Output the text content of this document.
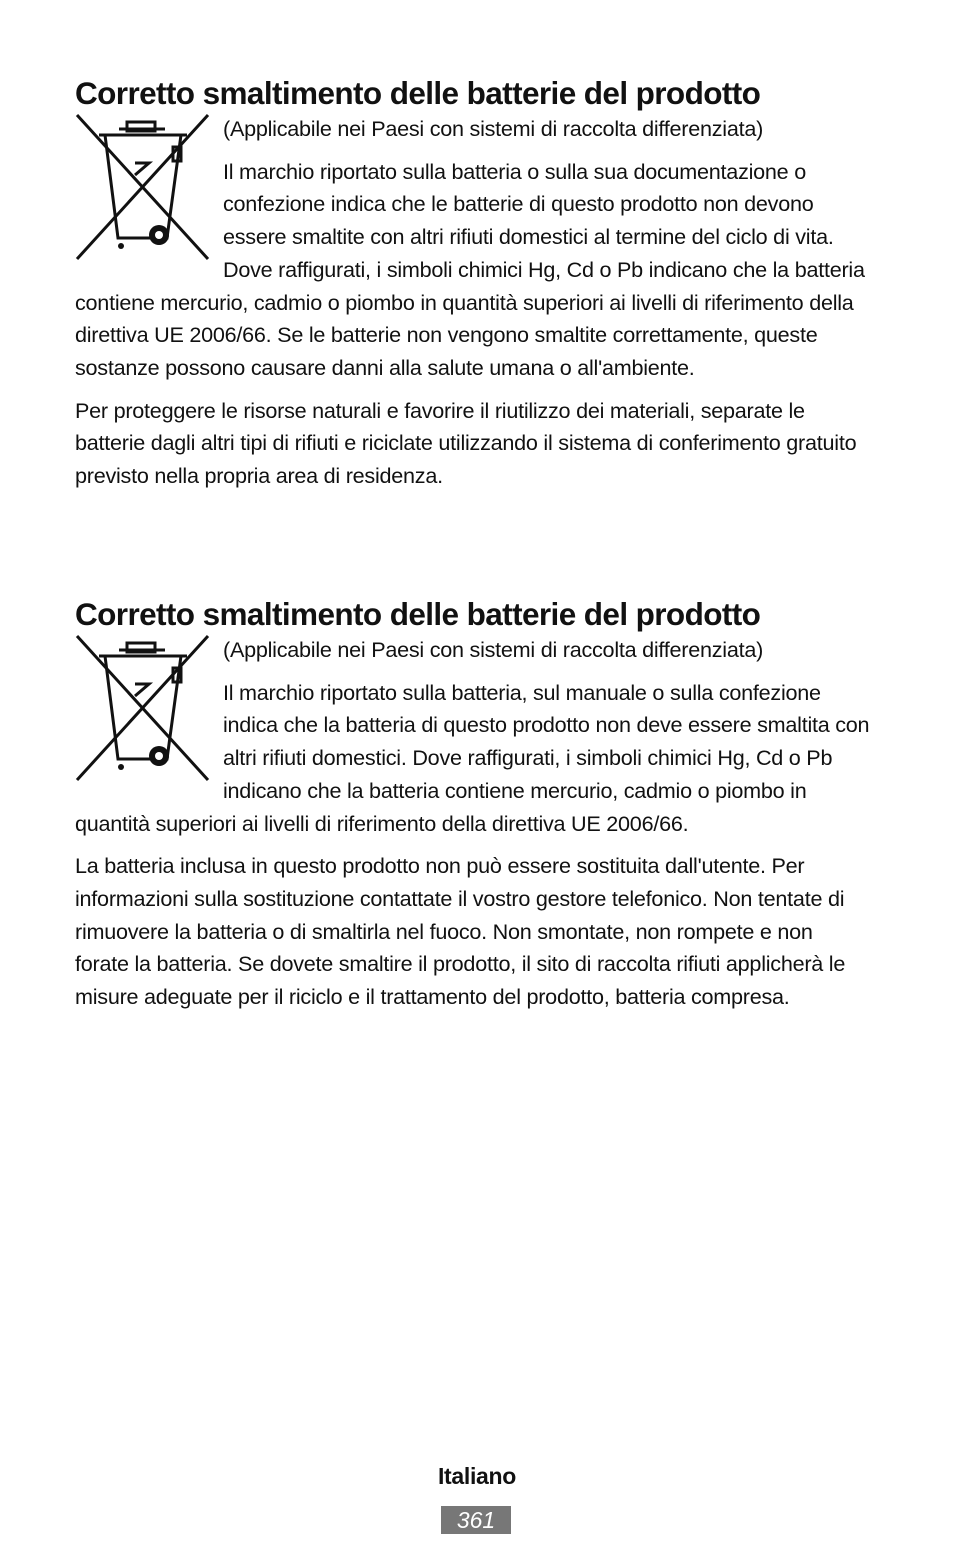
Corretto smaltimento delle batterie del prodotto

(Applicabile nei Paesi con sistemi di raccolta differenziata)

Il marchio riportato sulla batteria o sulla sua documentazione o confezione indica che le batterie di questo prodotto non devono essere smaltite con altri rifiuti domestici al termine del ciclo di vita. Dove raffigurati, i simboli chimici Hg, Cd o Pb indicano che la batteria contiene mercurio, cadmio o piombo in quantità superiori ai livelli di riferimento della direttiva UE 2006/66. Se le batterie non vengono smaltite correttamente, queste sostanze possono causare danni alla salute umana o all'ambiente.

Per proteggere le risorse naturali e favorire il riutilizzo dei materiali, separate le batterie dagli altri tipi di rifiuti e riciclate utilizzando il sistema di conferimento gratuito previsto nella propria area di residenza.

Corretto smaltimento delle batterie del prodotto

(Applicabile nei Paesi con sistemi di raccolta differenziata)

Il marchio riportato sulla batteria, sul manuale o sulla confezione indica che la batteria di questo prodotto non deve essere smaltita con altri rifiuti domestici. Dove raffigurati, i simboli chimici Hg, Cd o Pb indicano che la batteria contiene mercurio, cadmio o piombo in quantità superiori ai livelli di riferimento della direttiva UE 2006/66.

La batteria inclusa in questo prodotto non può essere sostituita dall'utente. Per informazioni sulla sostituzione contattate il vostro gestore telefonico. Non tentate di rimuovere la batteria o di smaltirla nel fuoco. Non smontate, non rompete e non forate la batteria. Se dovete smaltire il prodotto, il sito di raccolta rifiuti applicherà le misure adeguate per il riciclo e il trattamento del prodotto, batteria compresa.

Italiano
361
